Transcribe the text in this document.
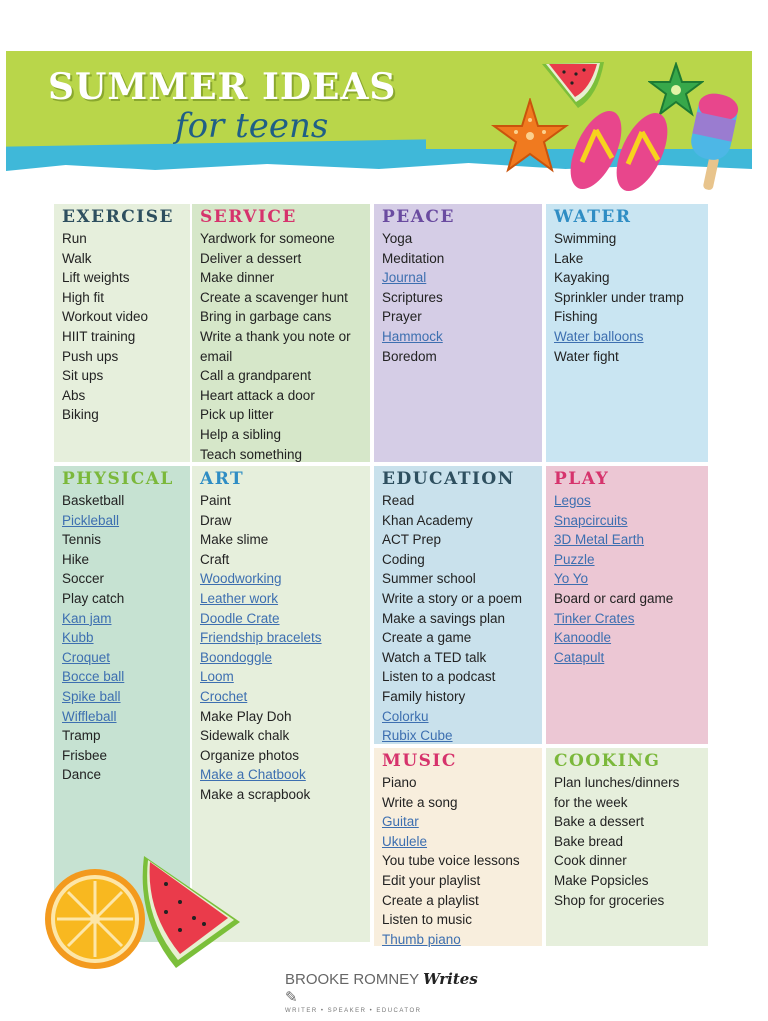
SUMMER IDEAS
for teens
EXERCISE
Run
Walk
Lift weights
High fit
Workout video
HIIT training
Push ups
Sit ups
Abs
Biking
SERVICE
Yardwork for someone
Deliver a dessert
Make dinner
Create a scavenger hunt
Bring in garbage cans
Write a thank you note or
email
Call a grandparent
Heart attack a door
Pick up litter
Help a sibling
Teach something
PEACE
Yoga
Meditation
Journal
Scriptures
Prayer
Hammock
Boredom
WATER
Swimming
Lake
Kayaking
Sprinkler under tramp
Fishing
Water balloons
Water fight
PHYSICAL
Basketball
Pickleball
Tennis
Hike
Soccer
Play catch
Kan jam
Kubb
Croquet
Bocce ball
Spike ball
Wiffleball
Tramp
Frisbee
Dance
ART
Paint
Draw
Make slime
Craft
Woodworking
Leather work
Doodle Crate
Friendship bracelets
Boondoggle
Loom
Crochet
Make Play Doh
Sidewalk chalk
Organize photos
Make a Chatbook
Make a scrapbook
EDUCATION
Read
Khan Academy
ACT Prep
Coding
Summer school
Write a story or a poem
Make a savings plan
Create a game
Watch a TED talk
Listen to a podcast
Family history
Colorku
Rubix Cube
PLAY
Legos
Snapcircuits
3D Metal Earth
Puzzle
Yo Yo
Board or card game
Tinker Crates
Kanoodle
Catapult
MUSIC
Piano
Write a song
Guitar
Ukulele
You tube voice lessons
Edit your playlist
Create a playlist
Listen to music
Thumb piano
COOKING
Plan lunches/dinners
for the week
Bake a dessert
Bake bread
Cook dinner
Make Popsicles
Shop for groceries
BROOKE ROMNEY Writes ✎
WRITER • SPEAKER • EDUCATOR
